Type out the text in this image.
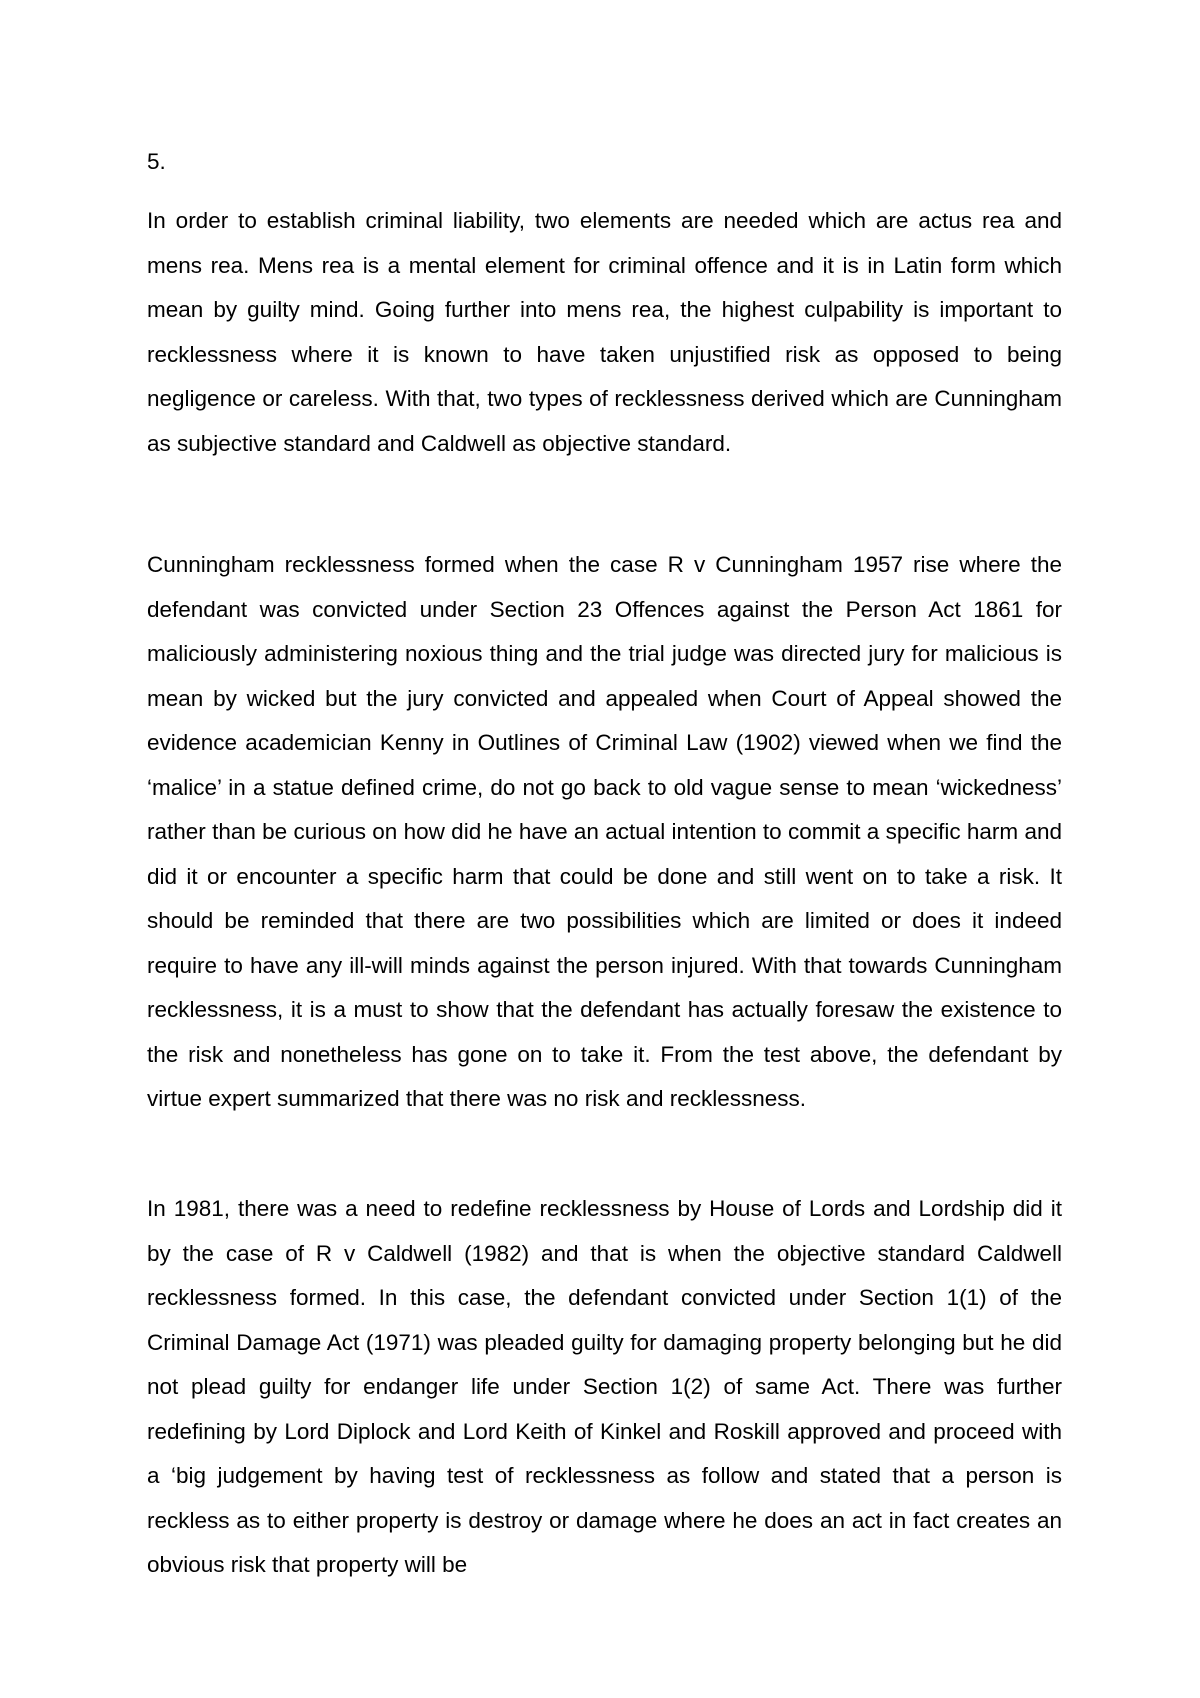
5.

In order to establish criminal liability, two elements are needed which are actus rea and mens rea. Mens rea is a mental element for criminal offence and it is in Latin form which mean by guilty mind. Going further into mens rea, the highest culpability is important to recklessness where it is known to have taken unjustified risk as opposed to being negligence or careless. With that, two types of recklessness derived which are Cunningham as subjective standard and Caldwell as objective standard.

Cunningham recklessness formed when the case R v Cunningham 1957 rise where the defendant was convicted under Section 23 Offences against the Person Act 1861 for maliciously administering noxious thing and the trial judge was directed jury for malicious is mean by wicked but the jury convicted and appealed when Court of Appeal showed the evidence academician Kenny in Outlines of Criminal Law (1902) viewed when we find the ‘malice’ in a statue defined crime, do not go back to old vague sense to mean ‘wickedness’ rather than be curious on how did he have an actual intention to commit a specific harm and did it or encounter a specific harm that could be done and still went on to take a risk. It should be reminded that there are two possibilities which are limited or does it indeed require to have any ill-will minds against the person injured. With that towards Cunningham recklessness, it is a must to show that the defendant has actually foresaw the existence to the risk and nonetheless has gone on to take it. From the test above, the defendant by virtue expert summarized that there was no risk and recklessness.

In 1981, there was a need to redefine recklessness by House of Lords and Lordship did it by the case of R v Caldwell (1982) and that is when the objective standard Caldwell recklessness formed. In this case, the defendant convicted under Section 1(1) of the Criminal Damage Act (1971) was pleaded guilty for damaging property belonging but he did not plead guilty for endanger life under Section 1(2) of same Act. There was further redefining by Lord Diplock and Lord Keith of Kinkel and Roskill approved and proceed with a ‘big judgement by having test of recklessness as follow and stated that a person is reckless as to either property is destroy or damage where he does an act in fact creates an obvious risk that property will be
